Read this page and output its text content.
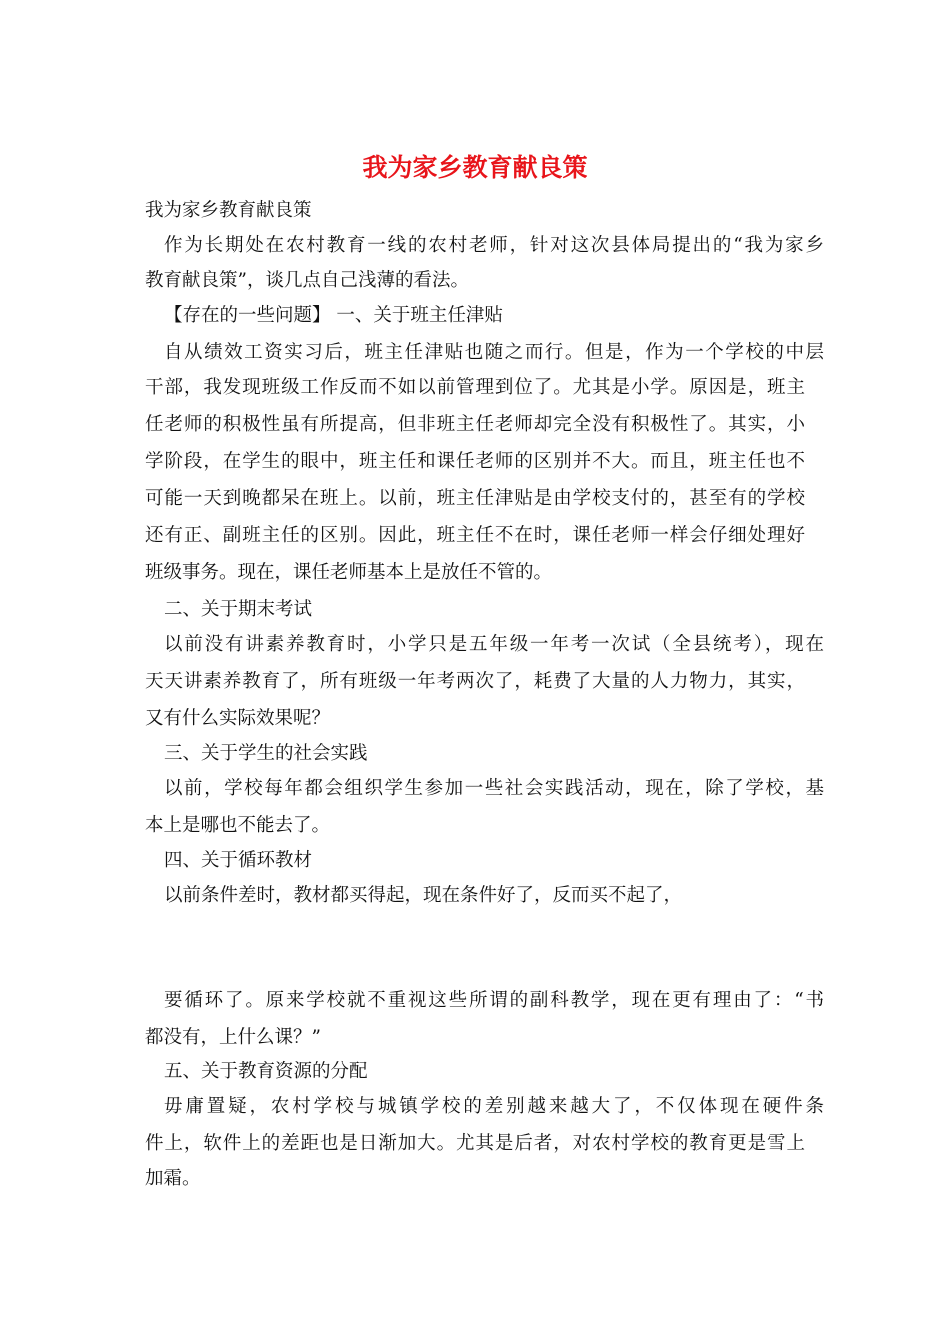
我为家乡教育献良策
我为家乡教育献良策
作为长期处在农村教育一线的农村老师，针对这次县体局提出的“我为家乡
教育献良策”，谈几点自己浅薄的看法。
【存在的一些问题】 一、关于班主任津贴
自从绩效工资实习后，班主任津贴也随之而行。但是，作为一个学校的中层
干部，我发现班级工作反而不如以前管理到位了。尤其是小学。原因是，班主
任老师的积极性虽有所提高，但非班主任老师却完全没有积极性了。其实，小
学阶段，在学生的眼中，班主任和课任老师的区别并不大。而且，班主任也不
可能一天到晚都呆在班上。以前，班主任津贴是由学校支付的，甚至有的学校
还有正、副班主任的区别。因此，班主任不在时，课任老师一样会仔细处理好
班级事务。现在，课任老师基本上是放任不管的。
二、关于期末考试
以前没有讲素养教育时，小学只是五年级一年考一次试（全县统考），现在
天天讲素养教育了，所有班级一年考两次了，耗费了大量的人力物力，其实，
又有什么实际效果呢？
三、关于学生的社会实践
以前，学校每年都会组织学生参加一些社会实践活动，现在，除了学校，基
本上是哪也不能去了。
四、关于循环教材
以前条件差时，教材都买得起，现在条件好了，反而买不起了，
要循环了。原来学校就不重视这些所谓的副科教学，现在更有理由了：“书
都没有，上什么课？”
五、关于教育资源的分配
毋庸置疑，农村学校与城镇学校的差别越来越大了，不仅体现在硬件条
件上，软件上的差距也是日渐加大。尤其是后者，对农村学校的教育更是雪上
加霜。
